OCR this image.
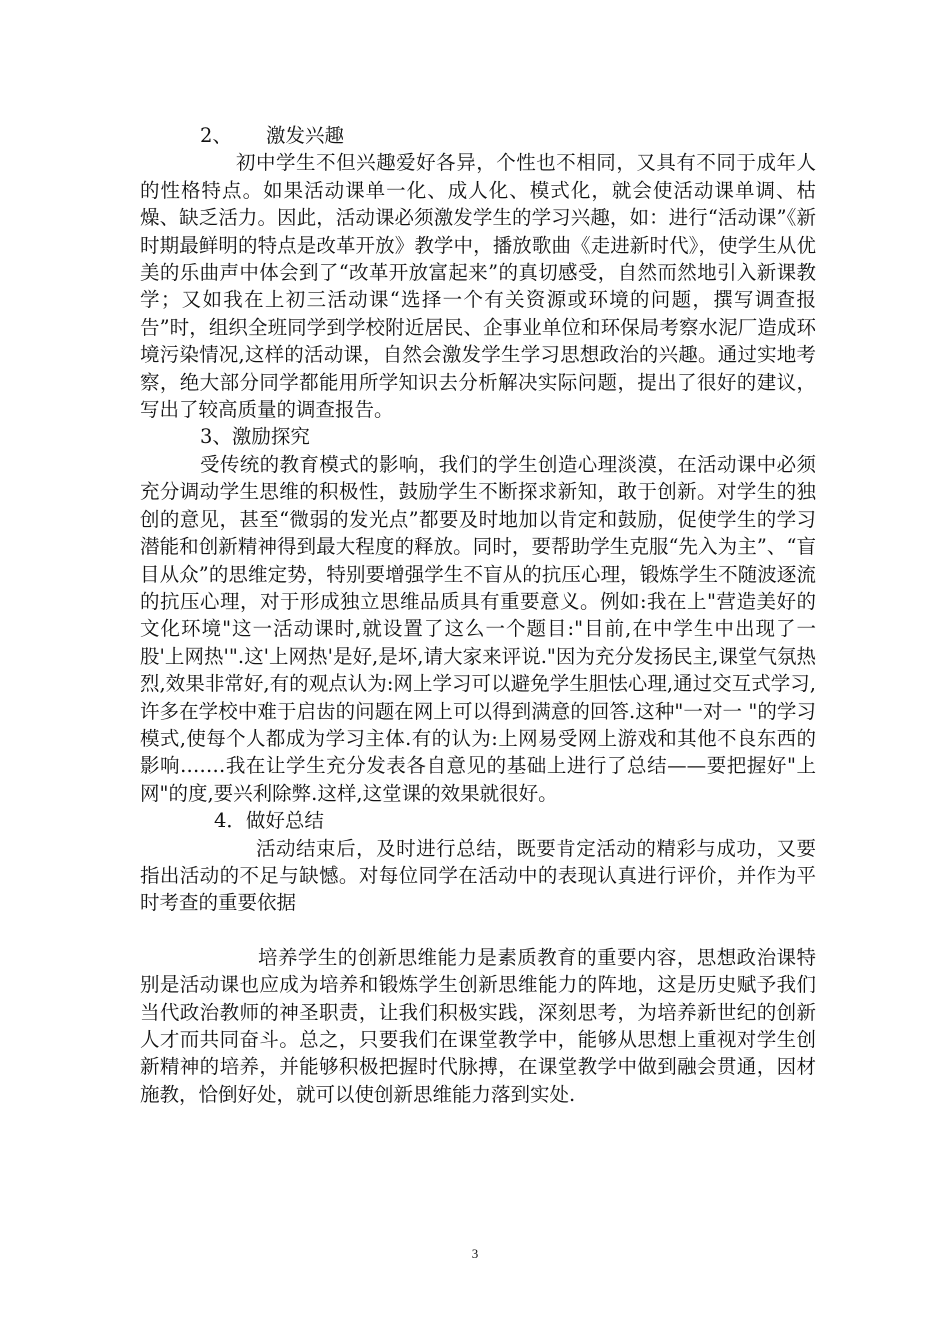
2、 激发兴趣

初中学生不但兴趣爱好各异，个性也不相同，又具有不同于成年人的性格特点。如果活动课单一化、成人化、模式化，就会使活动课单调、枯燥、缺乏活力。因此，活动课必须激发学生的学习兴趣，如：进行“活动课”《新时期最鲜明的特点是改革开放》教学中，播放歌曲《走进新时代》，使学生从优美的乐曲声中体会到了“改革开放富起来”的真切感受，自然而然地引入新课教学；又如我在上初三活动课“选择一个有关资源或环境的问题，撰写调查报告”时，组织全班同学到学校附近居民、企事业单位和环保局考察水泥厂造成环境污染情况,这样的活动课，自然会激发学生学习思想政治的兴趣。通过实地考察，绝大部分同学都能用所学知识去分析解决实际问题，提出了很好的建议，写出了较高质量的调查报告。

3、激励探究

受传统的教育模式的影响，我们的学生创造心理淡漠，在活动课中必须充分调动学生思维的积极性，鼓励学生不断探求新知，敢于创新。对学生的独创的意见，甚至“微弱的发光点”都要及时地加以肯定和鼓励，促使学生的学习潜能和创新精神得到最大程度的释放。同时，要帮助学生克服“先入为主”、“盲目从众”的思维定势，特别要增强学生不盲从的抗压心理，锻炼学生不随波逐流的抗压心理，对于形成独立思维品质具有重要意义。例如:我在上"营造美好的文化环境"这一活动课时,就设置了这么一个题目:"目前,在中学生中出现了一股'上网热'".这'上网热'是好,是坏,请大家来评说."因为充分发扬民主,课堂气氛热烈,效果非常好,有的观点认为:网上学习可以避免学生胆怯心理,通过交互式学习,许多在学校中难于启齿的问题在网上可以得到满意的回答.这种"一对一 "的学习模式,使每个人都成为学习主体.有的认为:上网易受网上游戏和其他不良东西的影响.……我在让学生充分发表各自意见的基础上进行了总结——要把握好"上网"的度,要兴利除弊.这样,这堂课的效果就很好。

4．做好总结

活动结束后，及时进行总结，既要肯定活动的精彩与成功，又要指出活动的不足与缺憾。对每位同学在活动中的表现认真进行评价，并作为平时考查的重要依据

培养学生的创新思维能力是素质教育的重要内容，思想政治课特别是活动课也应成为培养和锻炼学生创新思维能力的阵地，这是历史赋予我们当代政治教师的神圣职责，让我们积极实践，深刻思考，为培养新世纪的创新人才而共同奋斗。总之，只要我们在课堂教学中，能够从思想上重视对学生创新精神的培养，并能够积极把握时代脉搏，在课堂教学中做到融会贯通，因材施教，恰倒好处，就可以使创新思维能力落到实处.

3
